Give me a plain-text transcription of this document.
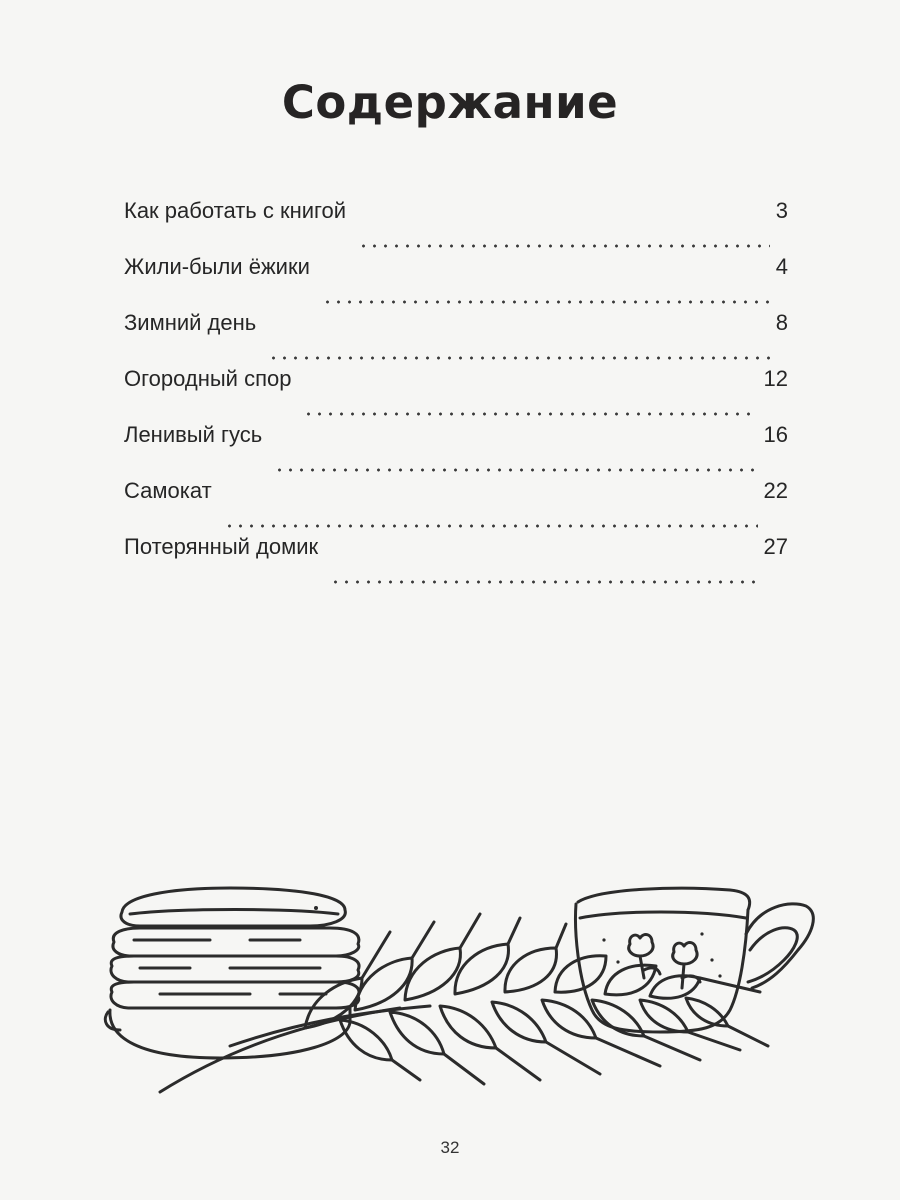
Содержание
Как работать с книгой	3
Жили-были ёжики	4
Зимний день	8
Огородный спор	12
Ленивый гусь	16
Самокат	22
Потерянный домик	27
32
